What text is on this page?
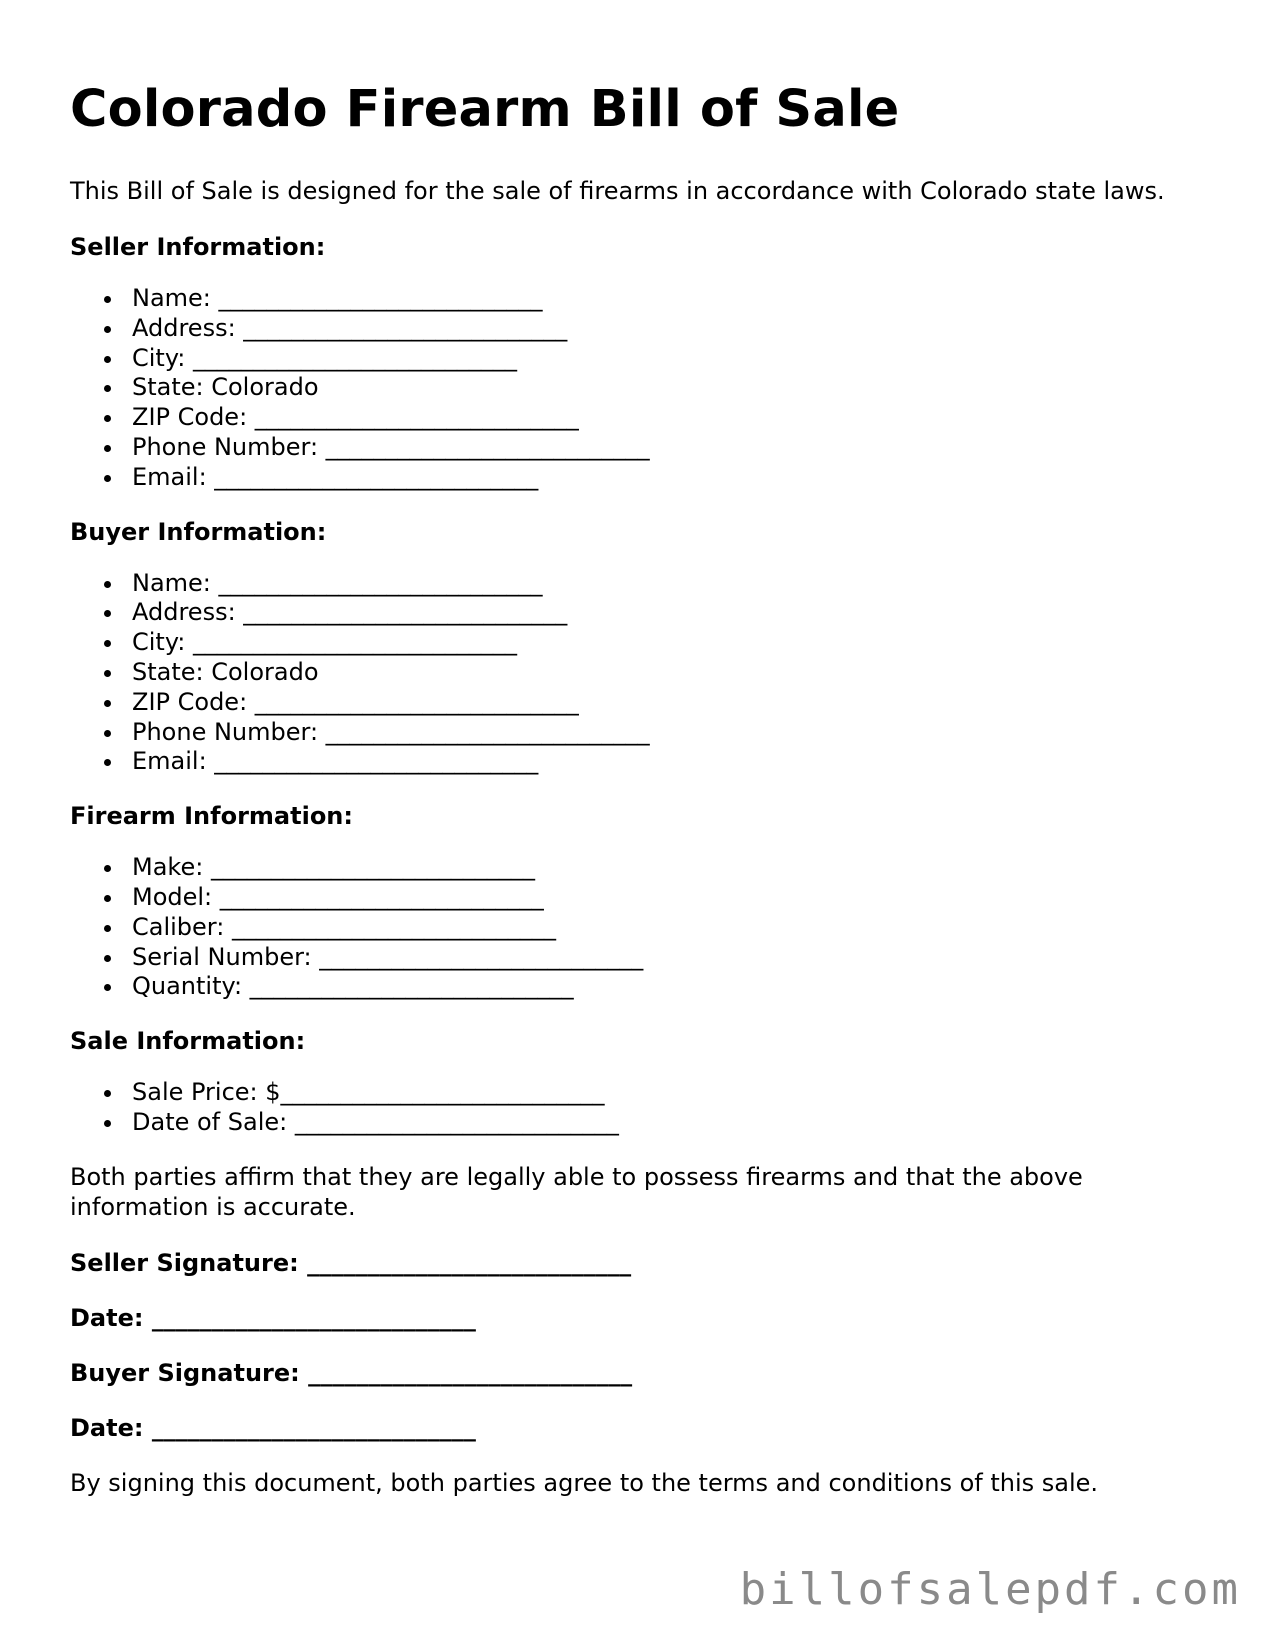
Colorado Firearm Bill of Sale

This Bill of Sale is designed for the sale of firearms in accordance with Colorado state laws.

Seller Information:
Name: ___________________________
Address: ___________________________
City: ___________________________
State: Colorado
ZIP Code: ___________________________
Phone Number: ___________________________
Email: ___________________________
Buyer Information:
Name: ___________________________
Address: ___________________________
City: ___________________________
State: Colorado
ZIP Code: ___________________________
Phone Number: ___________________________
Email: ___________________________
Firearm Information:
Make: ___________________________
Model: ___________________________
Caliber: ___________________________
Serial Number: ___________________________
Quantity: ___________________________
Sale Information:
Sale Price: $___________________________
Date of Sale: ___________________________

Both parties affirm that they are legally able to possess firearms and that the above information is accurate.

Seller Signature: ___________________________
Date: ___________________________
Buyer Signature: ___________________________
Date: ___________________________

By signing this document, both parties agree to the terms and conditions of this sale.

billofsalepdf.com
